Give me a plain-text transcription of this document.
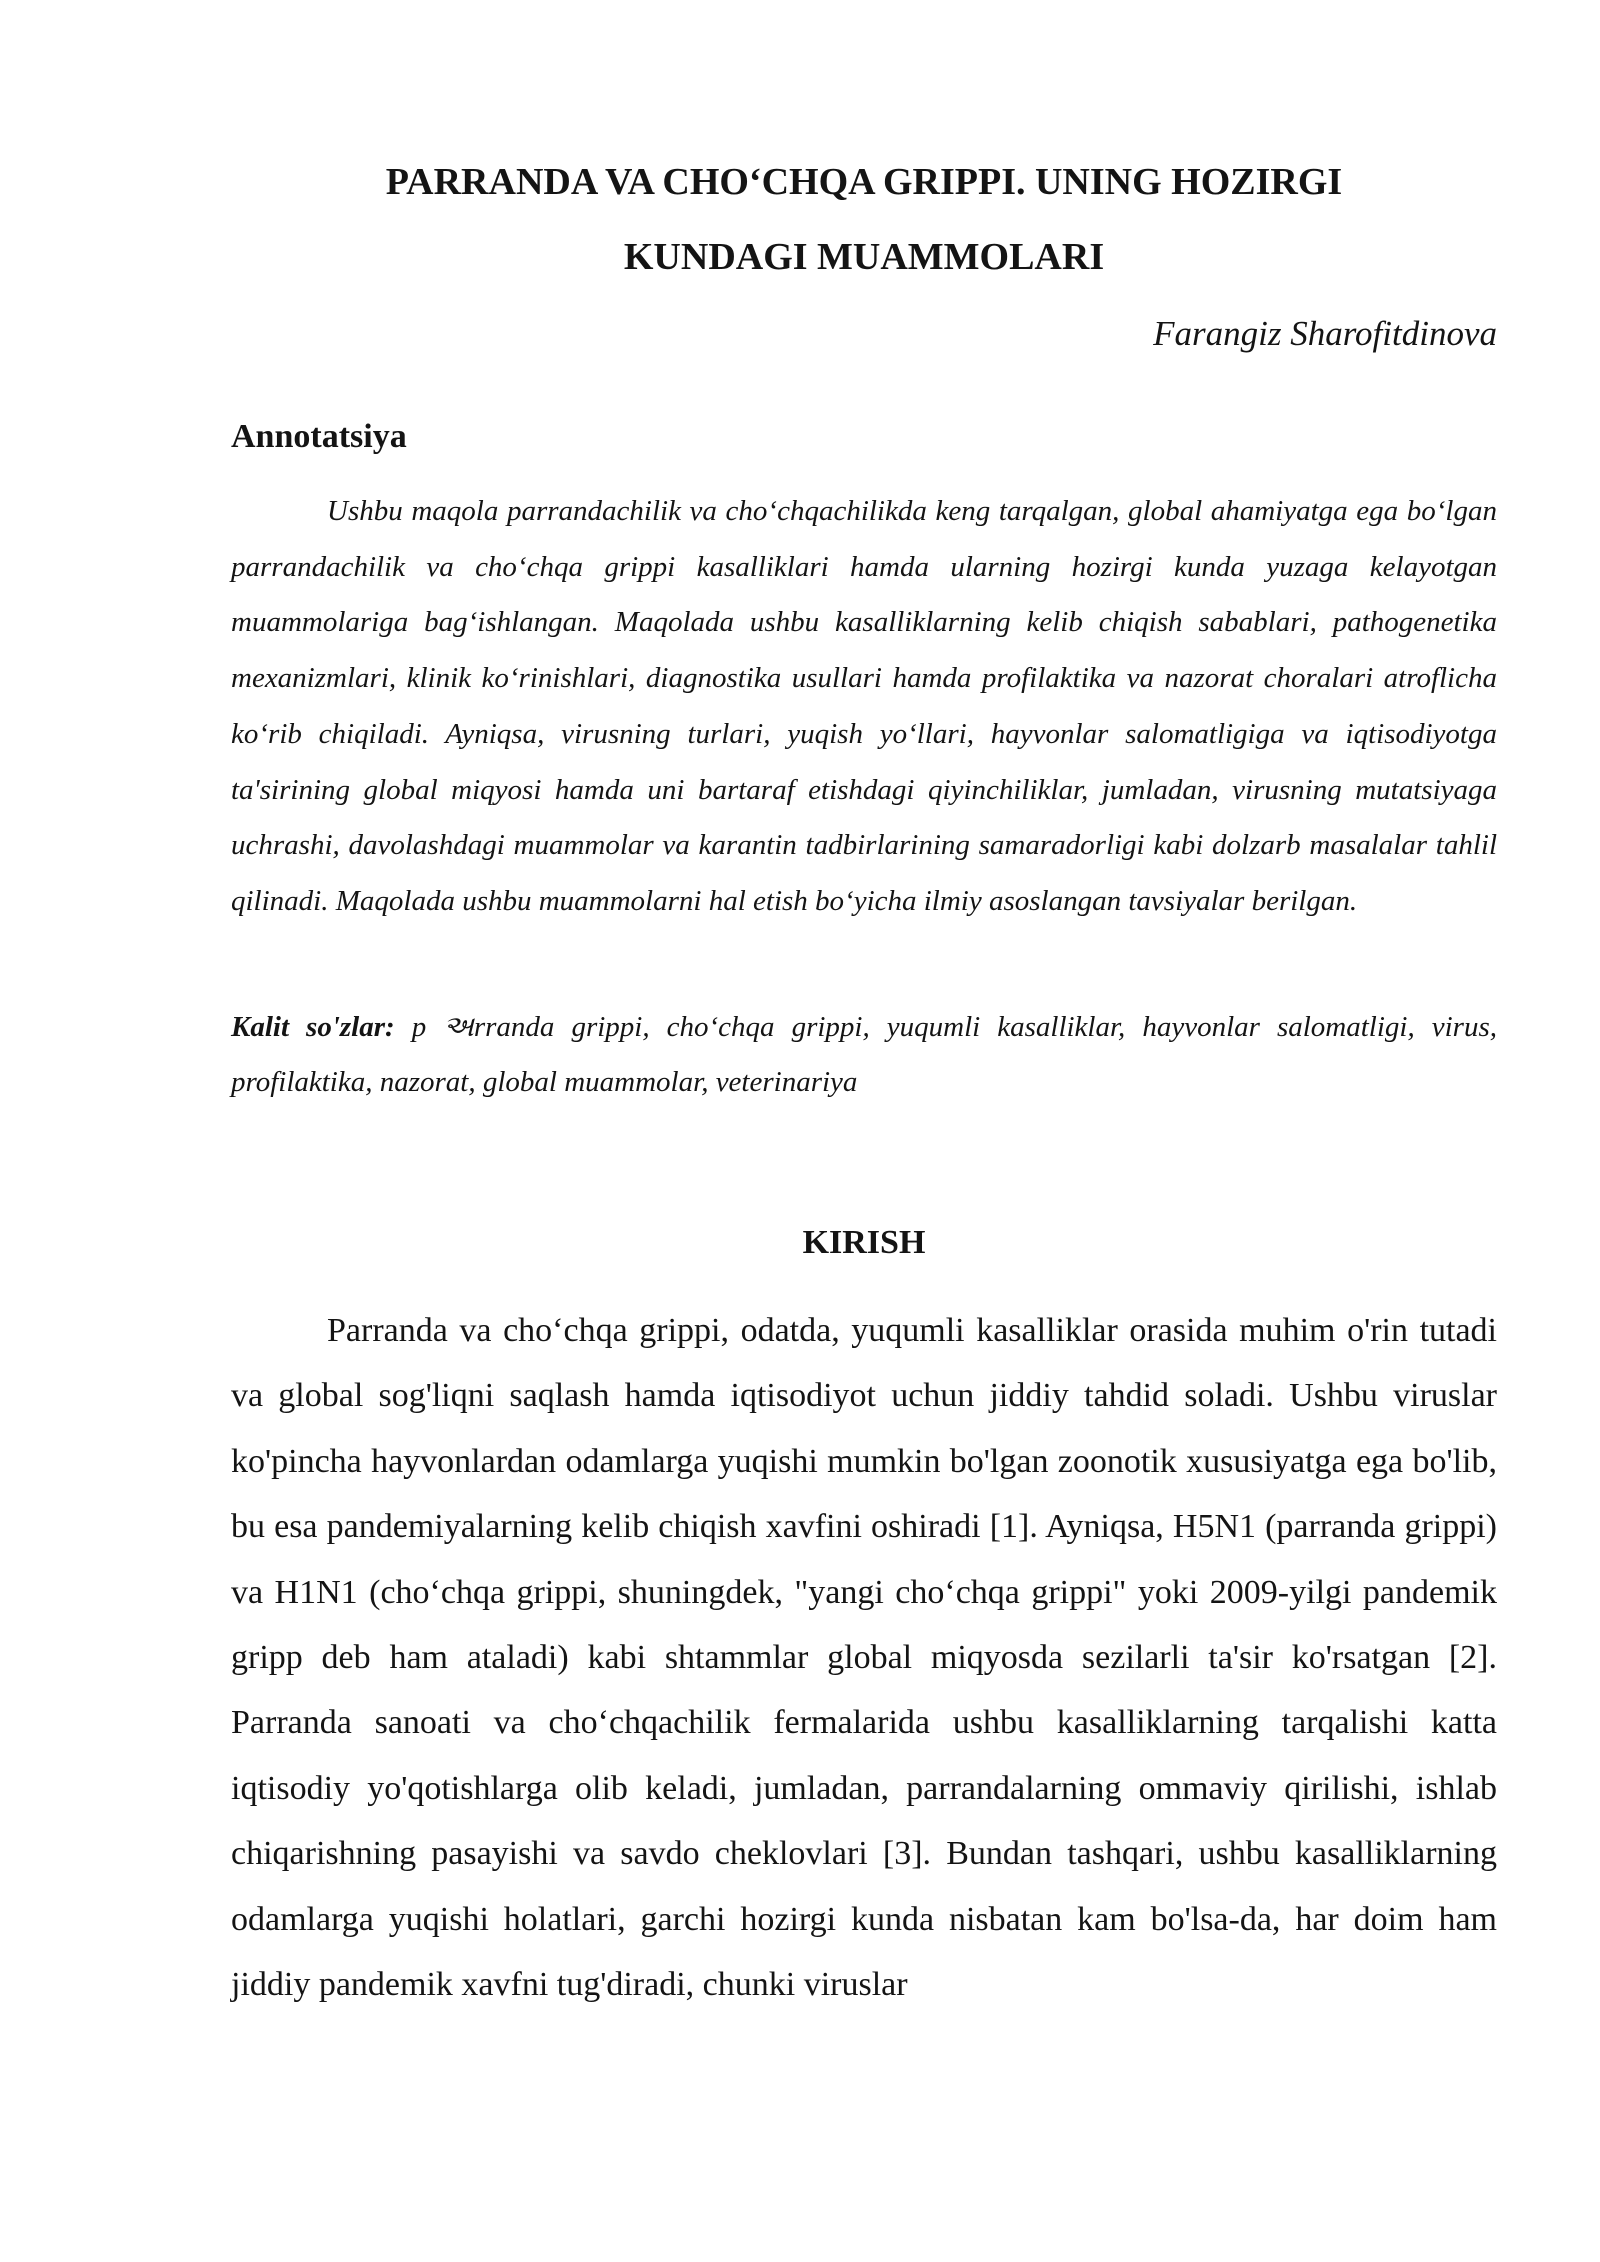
PARRANDA VA CHO‘CHQA GRIPPI. UNING HOZIRGI
KUNDAGI MUAMMOLARI
Farangiz Sharofitdinova
Annotatsiya

Ushbu maqola parrandachilik va cho‘chqachilikda keng tarqalgan, global ahamiyatga ega bo‘lgan parrandachilik va cho‘chqa grippi kasalliklari hamda ularning hozirgi kunda yuzaga kelayotgan muammolariga bag‘ishlangan. Maqolada ushbu kasalliklarning kelib chiqish sabablari, pathogenetika mexanizmlari, klinik ko‘rinishlari, diagnostika usullari hamda profilaktika va nazorat choralari atroflicha ko‘rib chiqiladi. Ayniqsa, virusning turlari, yuqish yo‘llari, hayvonlar salomatligiga va iqtisodiyotga ta'sirining global miqyosi hamda uni bartaraf etishdagi qiyinchiliklar, jumladan, virusning mutatsiyaga uchrashi, davolashdagi muammolar va karantin tadbirlarining samaradorligi kabi dolzarb masalalar tahlil qilinadi. Maqolada ushbu muammolarni hal etish bo‘yicha ilmiy asoslangan tavsiyalar berilgan.

Kalit so'zlar: p અrranda grippi, cho‘chqa grippi, yuqumli kasalliklar, hayvonlar salomatligi, virus, profilaktika, nazorat, global muammolar, veterinariya

KIRISH

Parranda va cho‘chqa grippi, odatda, yuqumli kasalliklar orasida muhim o'rin tutadi va global sog'liqni saqlash hamda iqtisodiyot uchun jiddiy tahdid soladi. Ushbu viruslar ko'pincha hayvonlardan odamlarga yuqishi mumkin bo'lgan zoonotik xususiyatga ega bo'lib, bu esa pandemiyalarning kelib chiqish xavfini oshiradi [1]. Ayniqsa, H5N1 (parranda grippi) va H1N1 (cho‘chqa grippi, shuningdek, "yangi cho‘chqa grippi" yoki 2009-yilgi pandemik gripp deb ham ataladi) kabi shtammlar global miqyosda sezilarli ta'sir ko'rsatgan [2]. Parranda sanoati va cho‘chqachilik fermalarida ushbu kasalliklarning tarqalishi katta iqtisodiy yo'qotishlarga olib keladi, jumladan, parrandalarning ommaviy qirilishi, ishlab chiqarishning pasayishi va savdo cheklovlari [3]. Bundan tashqari, ushbu kasalliklarning odamlarga yuqishi holatlari, garchi hozirgi kunda nisbatan kam bo'lsa-da, har doim ham jiddiy pandemik xavfni tug'diradi, chunki viruslar
